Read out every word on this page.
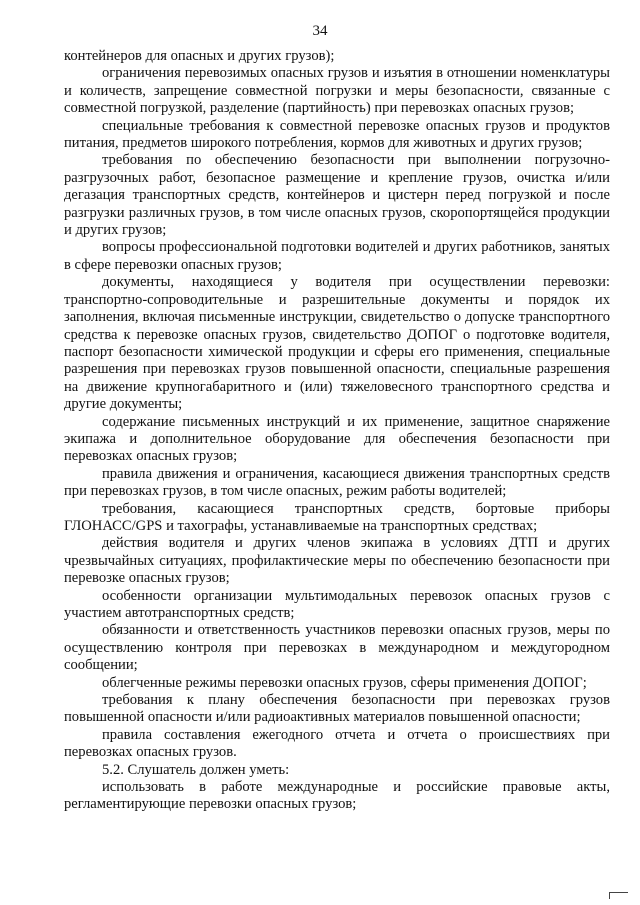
34

контейнеров для опасных и других грузов);

ограничения перевозимых опасных грузов и изъятия в отношении номенклатуры и количеств, запрещение совместной погрузки и меры безопасности, связанные с совместной погрузкой, разделение (партийность) при перевозках опасных грузов;

специальные требования к совместной перевозке опасных грузов и продуктов питания, предметов широкого потребления, кормов для животных и других грузов;

требования по обеспечению безопасности при выполнении погрузочно-разгрузочных работ, безопасное размещение и крепление грузов, очистка и/или дегазация транспортных средств, контейнеров и цистерн перед погрузкой и после разгрузки различных грузов, в том числе опасных грузов, скоропортящейся продукции и других грузов;

вопросы профессиональной подготовки водителей и других работников, занятых в сфере перевозки опасных грузов;

документы, находящиеся у водителя при осуществлении перевозки: транспортно-сопроводительные и разрешительные документы и порядок их заполнения, включая письменные инструкции, свидетельство о допуске транспортного средства к перевозке опасных грузов, свидетельство ДОПОГ о подготовке водителя, паспорт безопасности химической продукции и сферы его применения, специальные разрешения при перевозках грузов повышенной опасности, специальные разрешения на движение крупногабаритного и (или) тяжеловесного транспортного средства и другие документы;

содержание письменных инструкций и их применение, защитное снаряжение экипажа и дополнительное оборудование для обеспечения безопасности при перевозках опасных грузов;

правила движения и ограничения, касающиеся движения транспортных средств при перевозках грузов, в том числе опасных, режим работы водителей;

требования, касающиеся транспортных средств, бортовые приборы ГЛОНАСС/GPS и тахографы, устанавливаемые на транспортных средствах;

действия водителя и других членов экипажа в условиях ДТП и других чрезвычайных ситуациях, профилактические меры по обеспечению безопасности при перевозке опасных грузов;

особенности организации мультимодальных перевозок опасных грузов с участием автотранспортных средств;

обязанности и ответственность участников перевозки опасных грузов, меры по осуществлению контроля при перевозках в международном и междугородном сообщении;

облегченные режимы перевозки опасных грузов, сферы применения ДОПОГ;

требования к плану обеспечения безопасности при перевозках грузов повышенной опасности и/или радиоактивных материалов повышенной опасности;

правила составления ежегодного отчета и отчета о происшествиях при перевозках опасных грузов.

5.2. Слушатель должен уметь:

использовать в работе международные и российские правовые акты, регламентирующие перевозки опасных грузов;
